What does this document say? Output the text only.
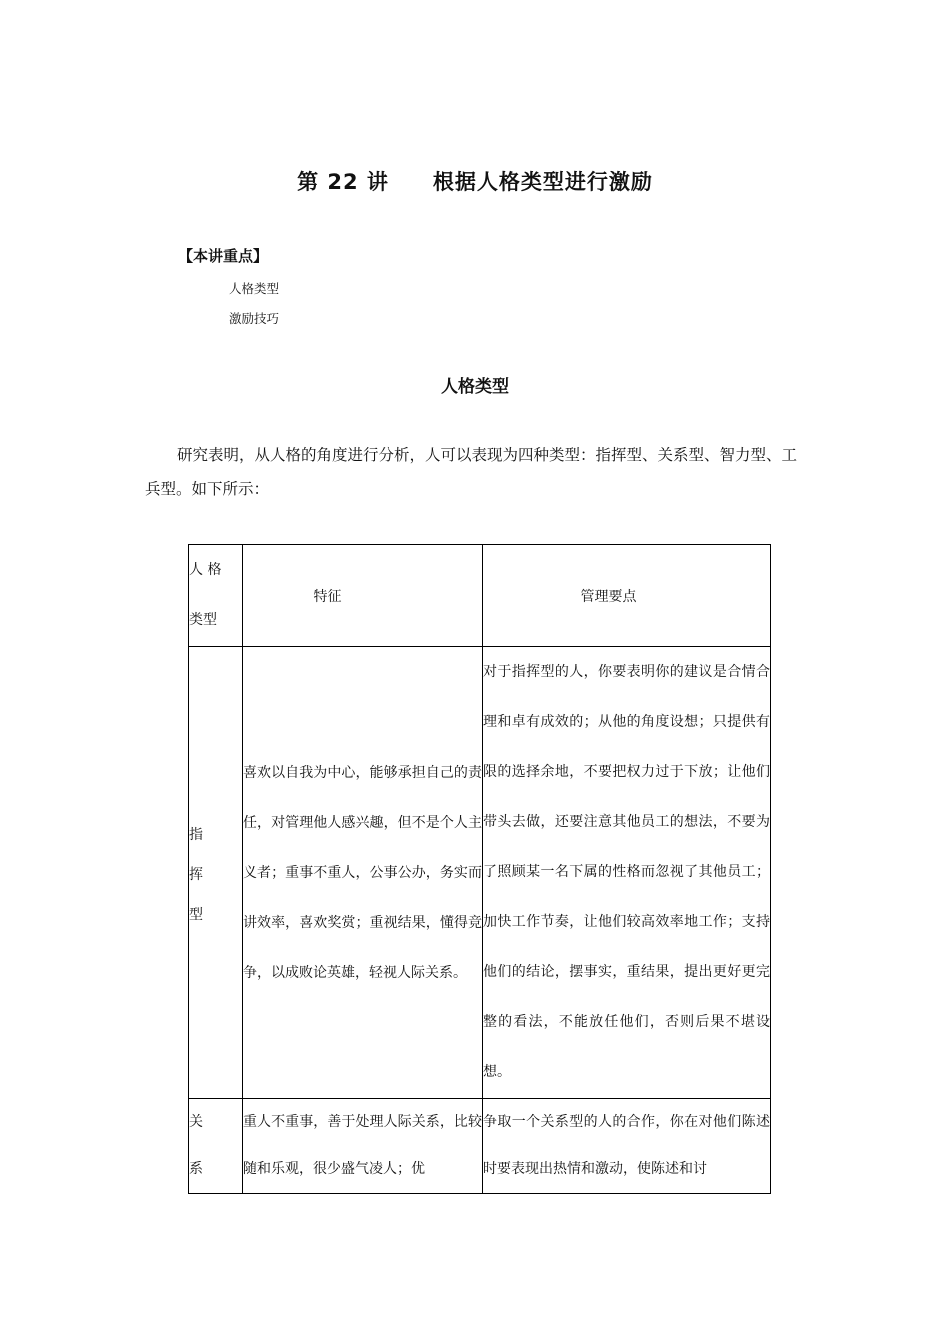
第 22 讲 根据人格类型进行激励
【本讲重点】
人格类型
激励技巧
人格类型

研究表明，从人格的角度进行分析，人可以表现为四种类型：指挥型、关系型、智力型、工兵型。如下所示：

人 格
类型	特征	管理要点

指
挥
型	喜欢以自我为中心，能够承担自己的责任，对管理他人感兴趣，但不是个人主义者；重事不重人，公事公办，务实而讲效率，喜欢奖赏；重视结果，懂得竞争，以成败论英雄，轻视人际关系。	对于指挥型的人，你要表明你的建议是合情合理和卓有成效的；从他的角度设想；只提供有限的选择余地，不要把权力过于下放；让他们带头去做，还要注意其他员工的想法，不要为了照顾某一名下属的性格而忽视了其他员工；加快工作节奏，让他们较高效率地工作；支持他们的结论，摆事实，重结果，提出更好更完整的看法，不能放任他们，否则后果不堪设想。

关
系	重人不重事，善于处理人际关系，比较随和乐观，很少盛气凌人；优	争取一个关系型的人的合作，你在对他们陈述时要表现出热情和激动，使陈述和讨
